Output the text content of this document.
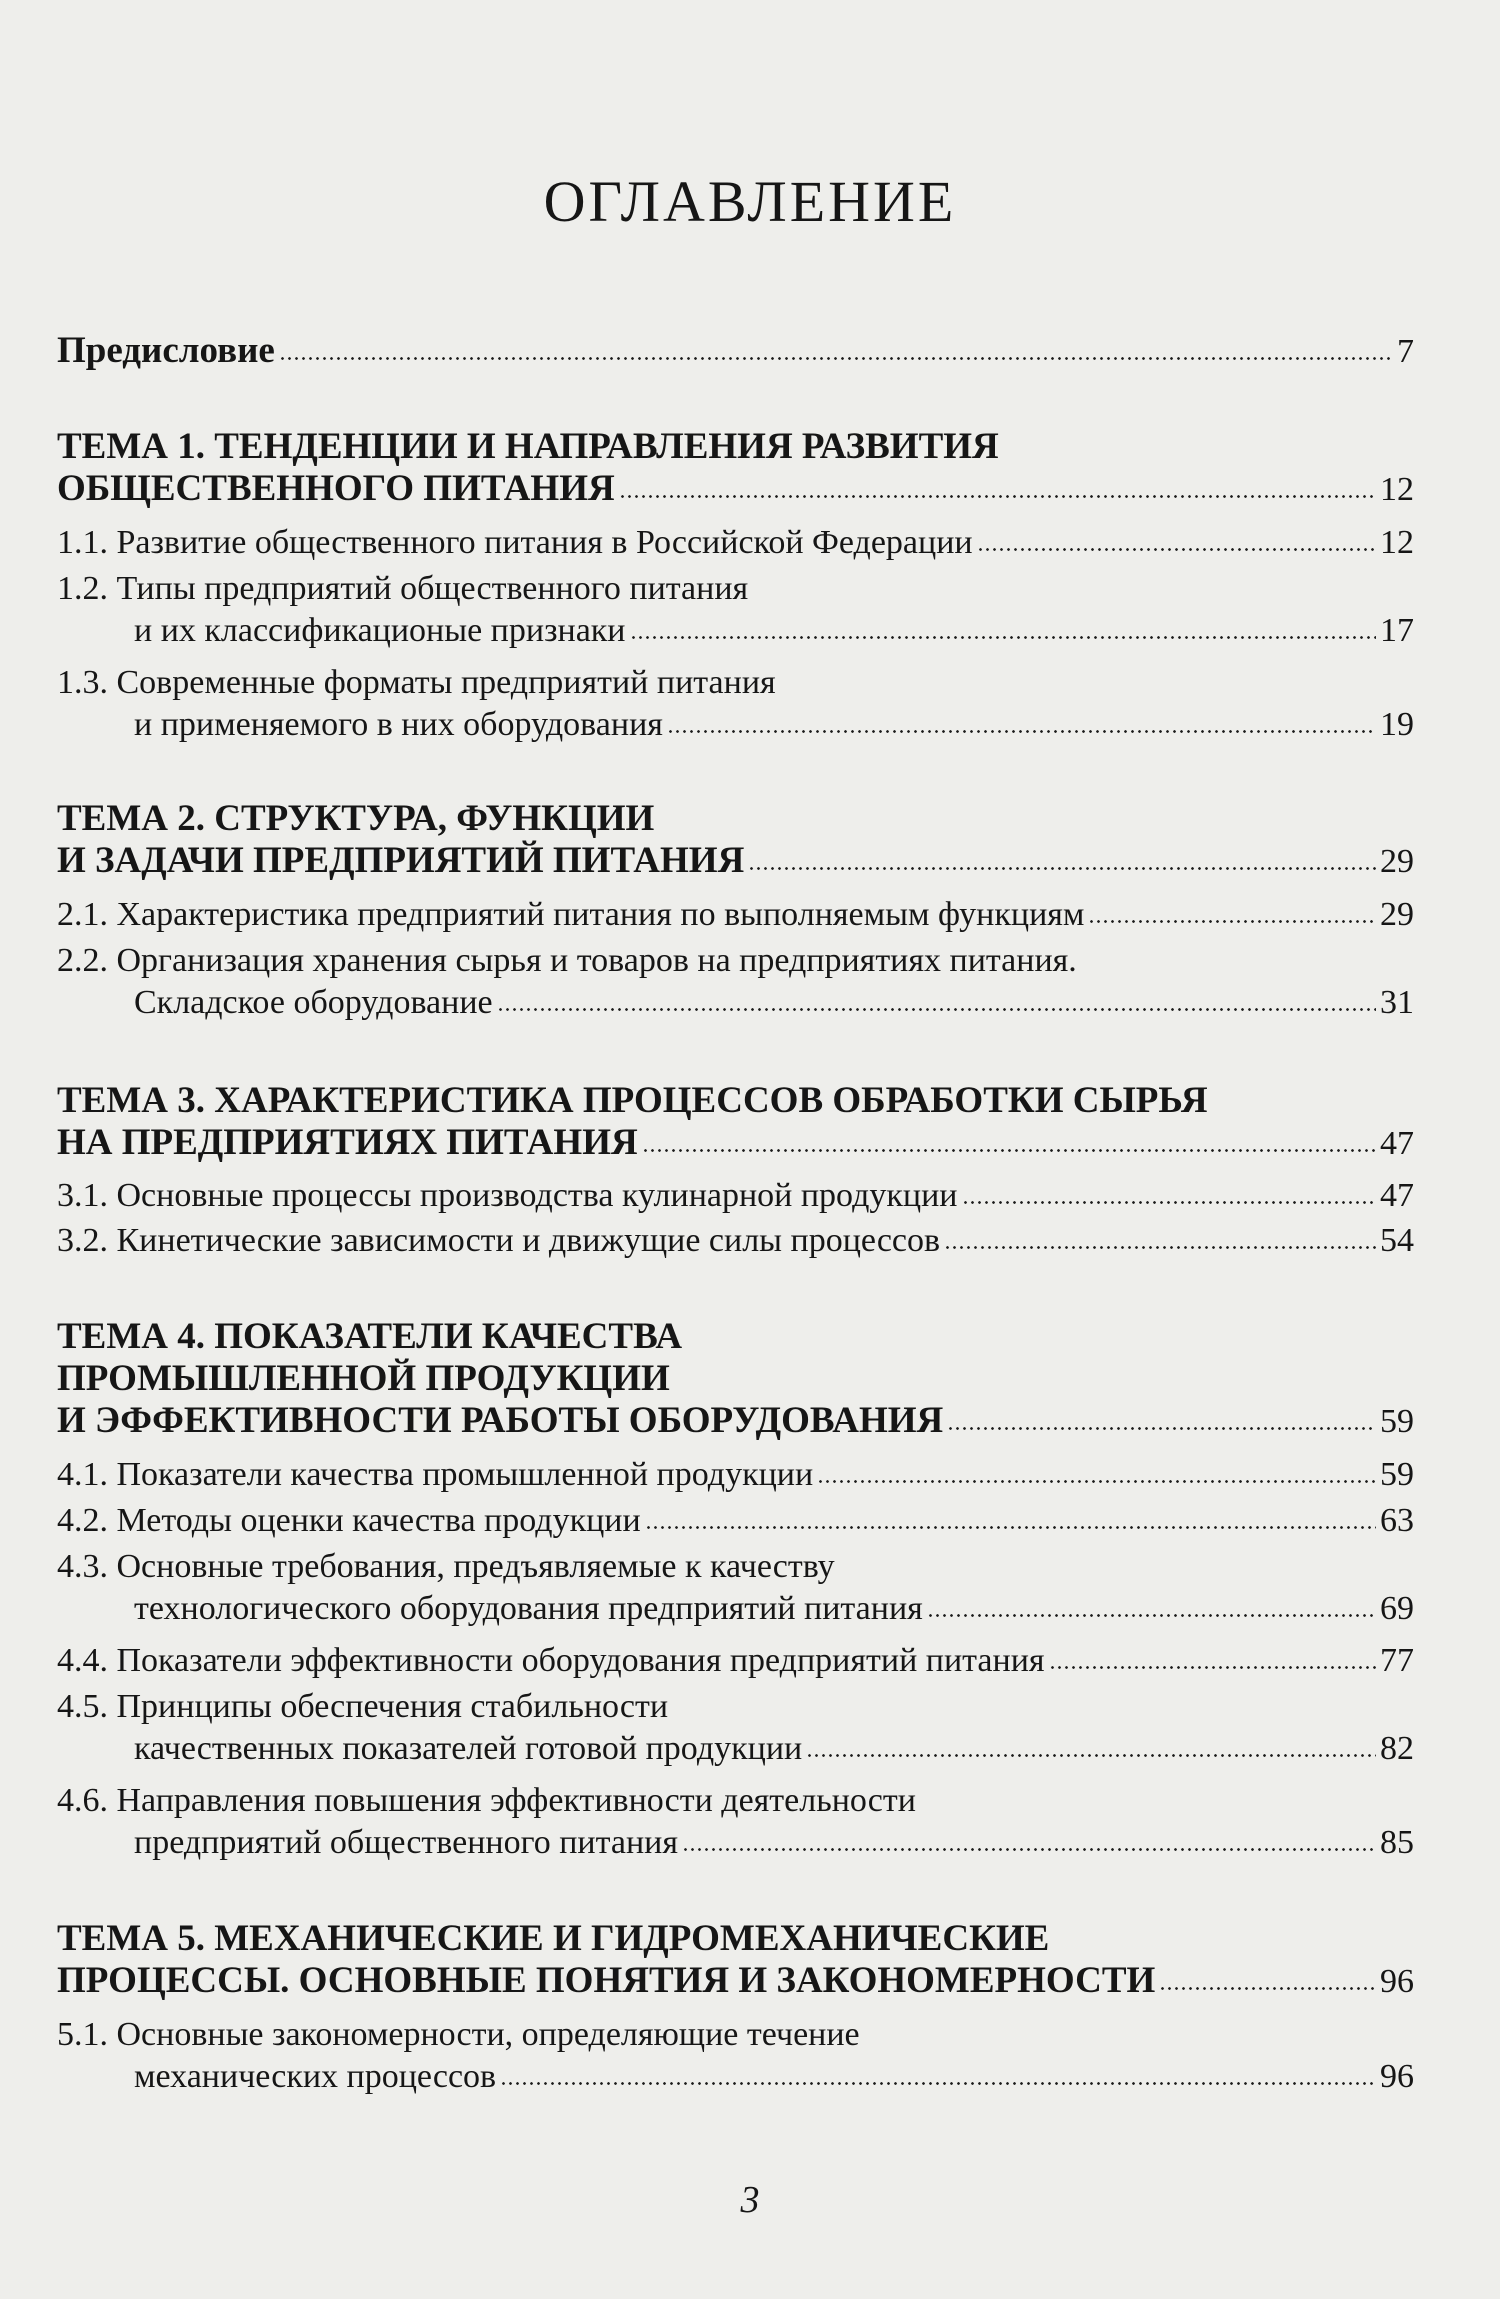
ОГЛАВЛЕНИЕ
Предисловие	7
ТЕМА 1. ТЕНДЕНЦИИ И НАПРАВЛЕНИЯ РАЗВИТИЯ
ОБЩЕСТВЕННОГО ПИТАНИЯ	12
1.1. Развитие общественного питания в Российской Федерации	12
1.2. Типы предприятий общественного питания
и их классификационые признаки	17
1.3. Современные форматы предприятий питания
и применяемого в них оборудования	19
ТЕМА 2. СТРУКТУРА, ФУНКЦИИ
И ЗАДАЧИ ПРЕДПРИЯТИЙ ПИТАНИЯ	29
2.1. Характеристика предприятий питания по выполняемым функциям	29
2.2. Организация хранения сырья и товаров на предприятиях питания.
Складское оборудование	31
ТЕМА 3. ХАРАКТЕРИСТИКА ПРОЦЕССОВ ОБРАБОТКИ СЫРЬЯ
НА ПРЕДПРИЯТИЯХ ПИТАНИЯ	47
3.1. Основные процессы производства кулинарной продукции	47
3.2. Кинетические зависимости и движущие силы процессов	54
ТЕМА 4. ПОКАЗАТЕЛИ КАЧЕСТВА
ПРОМЫШЛЕННОЙ ПРОДУКЦИИ
И ЭФФЕКТИВНОСТИ РАБОТЫ ОБОРУДОВАНИЯ	59
4.1. Показатели качества промышленной продукции	59
4.2. Методы оценки качества продукции	63
4.3. Основные требования, предъявляемые к качеству
технологического оборудования предприятий питания	69
4.4. Показатели эффективности оборудования предприятий питания	77
4.5. Принципы обеспечения стабильности
качественных показателей готовой продукции	82
4.6. Направления повышения эффективности деятельности
предприятий общественного питания	85
ТЕМА 5. МЕХАНИЧЕСКИЕ И ГИДРОМЕХАНИЧЕСКИЕ
ПРОЦЕССЫ. ОСНОВНЫЕ ПОНЯТИЯ И ЗАКОНОМЕРНОСТИ	96
5.1. Основные закономерности, определяющие течение
механических процессов	96
3
